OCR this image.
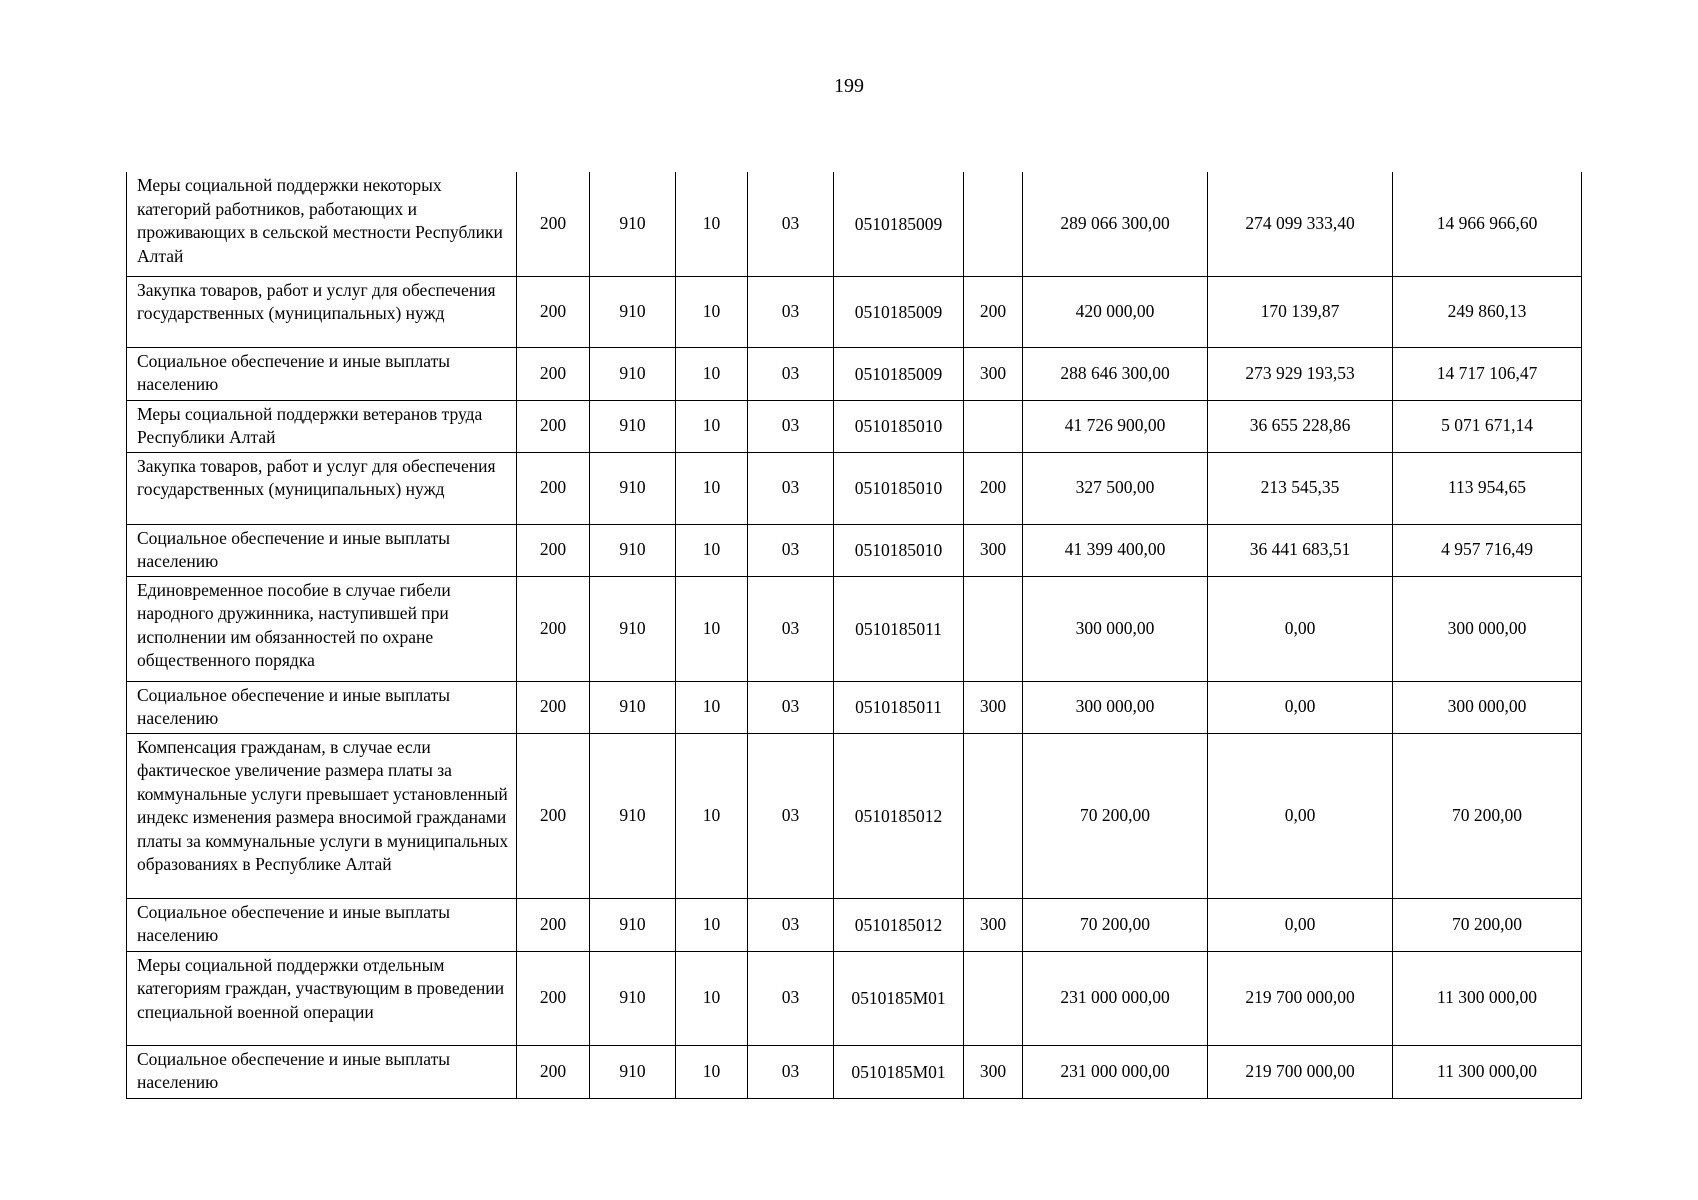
199
Меры социальной поддержки некоторых категорий работников, работающих и проживающих в сельской местности Республики Алтай	200	910	10	03	0510185009		289 066 300,00	274 099 333,40	14 966 966,60
Закупка товаров, работ и услуг для обеспечения государственных (муниципальных) нужд	200	910	10	03	0510185009	200	420 000,00	170 139,87	249 860,13
Социальное обеспечение и иные выплаты населению	200	910	10	03	0510185009	300	288 646 300,00	273 929 193,53	14 717 106,47
Меры социальной поддержки ветеранов труда Республики Алтай	200	910	10	03	0510185010		41 726 900,00	36 655 228,86	5 071 671,14
Закупка товаров, работ и услуг для обеспечения государственных (муниципальных) нужд	200	910	10	03	0510185010	200	327 500,00	213 545,35	113 954,65
Социальное обеспечение и иные выплаты населению	200	910	10	03	0510185010	300	41 399 400,00	36 441 683,51	4 957 716,49
Единовременное пособие в случае гибели народного дружинника, наступившей при исполнении им обязанностей по охране общественного порядка	200	910	10	03	0510185011		300 000,00	0,00	300 000,00
Социальное обеспечение и иные выплаты населению	200	910	10	03	0510185011	300	300 000,00	0,00	300 000,00
Компенсация гражданам, в случае если фактическое увеличение размера платы за коммунальные услуги превышает установленный индекс изменения размера вносимой гражданами платы за коммунальные услуги в муниципальных образованиях в Республике Алтай	200	910	10	03	0510185012		70 200,00	0,00	70 200,00
Социальное обеспечение и иные выплаты населению	200	910	10	03	0510185012	300	70 200,00	0,00	70 200,00
Меры социальной поддержки отдельным категориям граждан, участвующим в проведении специальной военной операции	200	910	10	03	0510185M01		231 000 000,00	219 700 000,00	11 300 000,00
Социальное обеспечение и иные выплаты населению	200	910	10	03	0510185M01	300	231 000 000,00	219 700 000,00	11 300 000,00
